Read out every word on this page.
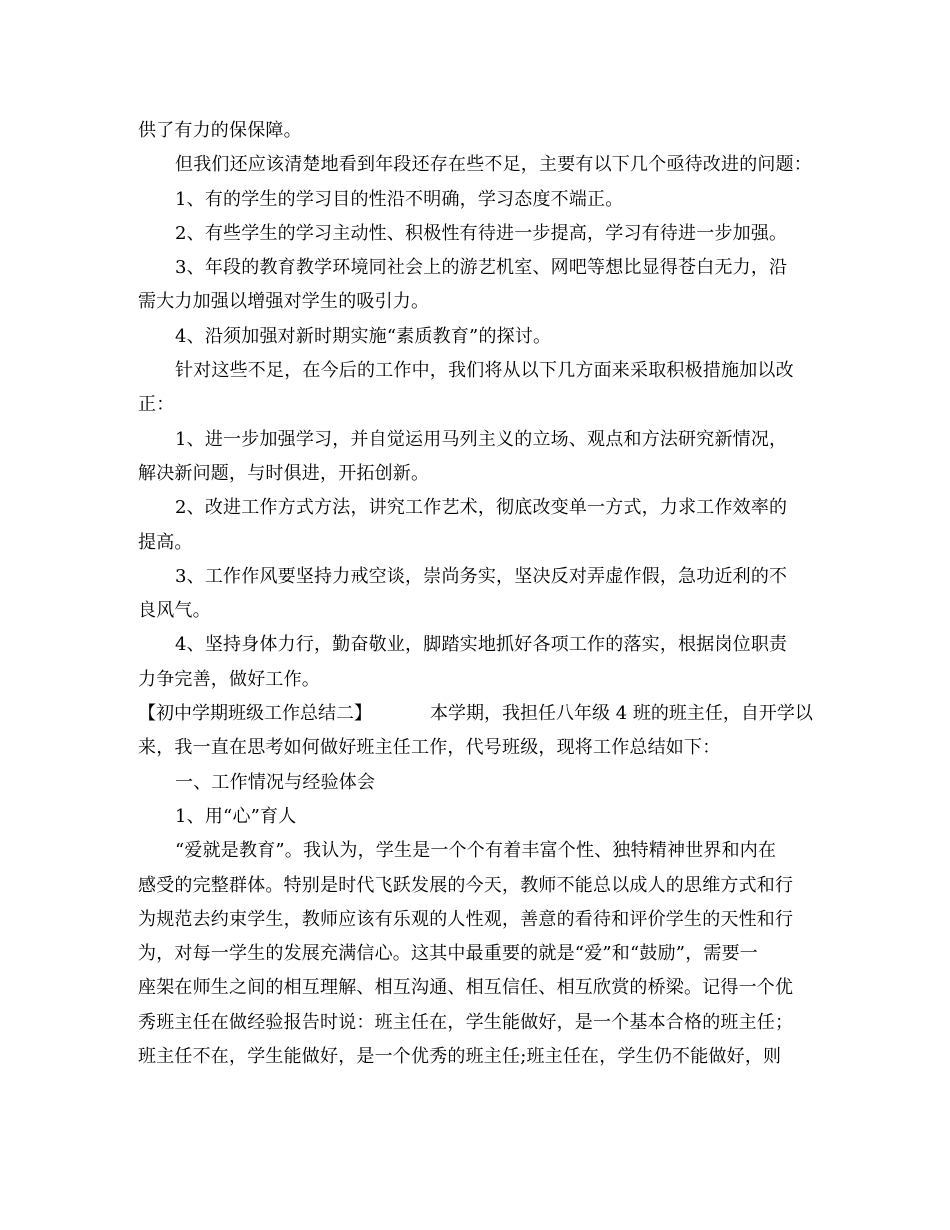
供了有力的保保障。
但我们还应该清楚地看到年段还存在些不足，主要有以下几个亟待改进的问题：
1、有的学生的学习目的性沿不明确，学习态度不端正。
2、有些学生的学习主动性、积极性有待进一步提高，学习有待进一步加强。
3、年段的教育教学环境同社会上的游艺机室、网吧等想比显得苍白无力，沿
需大力加强以增强对学生的吸引力。
4、沿须加强对新时期实施“素质教育”的探讨。
针对这些不足，在今后的工作中，我们将从以下几方面来采取积极措施加以改
正：
1、进一步加强学习，并自觉运用马列主义的立场、观点和方法研究新情况，
解决新问题，与时俱进，开拓创新。
2、改进工作方式方法，讲究工作艺术，彻底改变单一方式，力求工作效率的
提高。
3、工作作风要坚持力戒空谈，崇尚务实，坚决反对弄虚作假，急功近利的不
良风气。
4、坚持身体力行，勤奋敬业，脚踏实地抓好各项工作的落实，根据岗位职责
力争完善，做好工作。
【初中学期班级工作总结二】	本学期，我担任八年级 4 班的班主任，自开学以
来，我一直在思考如何做好班主任工作，代号班级，现将工作总结如下：
一、工作情况与经验体会
1、用“心”育人
“爱就是教育”。我认为，学生是一个个有着丰富个性、独特精神世界和内在
感受的完整群体。特别是时代飞跃发展的今天，教师不能总以成人的思维方式和行
为规范去约束学生，教师应该有乐观的人性观，善意的看待和评价学生的天性和行
为，对每一学生的发展充满信心。这其中最重要的就是“爱”和“鼓励”，需要一
座架在师生之间的相互理解、相互沟通、相互信任、相互欣赏的桥梁。记得一个优
秀班主任在做经验报告时说：班主任在，学生能做好，是一个基本合格的班主任；
班主任不在，学生能做好，是一个优秀的班主任;班主任在，学生仍不能做好，则
